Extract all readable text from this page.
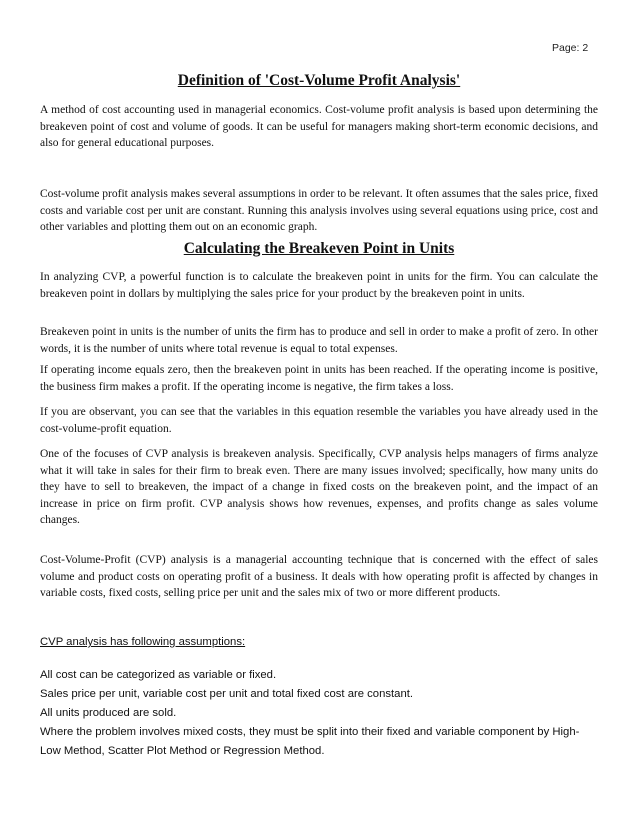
Page: 2
Definition of 'Cost-Volume Profit Analysis'

A method of cost accounting used in managerial economics. Cost-volume profit analysis is based upon determining the breakeven point of cost and volume of goods. It can be useful for managers making short-term economic decisions, and also for general educational purposes.

Cost-volume profit analysis makes several assumptions in order to be relevant. It often assumes that the sales price, fixed costs and variable cost per unit are constant. Running this analysis involves using several equations using price, cost and other variables and plotting them out on an economic graph.

Calculating the Breakeven Point in Units

In analyzing CVP, a powerful function is to calculate the breakeven point in units for the firm. You can calculate the breakeven point in dollars by multiplying the sales price for your product by the breakeven point in units.

Breakeven point in units is the number of units the firm has to produce and sell in order to make a profit of zero. In other words, it is the number of units where total revenue is equal to total expenses.

If operating income equals zero, then the breakeven point in units has been reached. If the operating income is positive, the business firm makes a profit. If the operating income is negative, the firm takes a loss.

If you are observant, you can see that the variables in this equation resemble the variables you have already used in the cost-volume-profit equation.

One of the focuses of CVP analysis is breakeven analysis. Specifically, CVP analysis helps managers of firms analyze what it will take in sales for their firm to break even. There are many issues involved; specifically, how many units do they have to sell to breakeven, the impact of a change in fixed costs on the breakeven point, and the impact of an increase in price on firm profit. CVP analysis shows how revenues, expenses, and profits change as sales volume changes.

Cost-Volume-Profit (CVP) analysis is a managerial accounting technique that is concerned with the effect of sales volume and product costs on operating profit of a business. It deals with how operating profit is affected by changes in variable costs, fixed costs, selling price per unit and the sales mix of two or more different products.

CVP analysis has following assumptions:
All cost can be categorized as variable or fixed.
Sales price per unit, variable cost per unit and total fixed cost are constant.
All units produced are sold.
Where the problem involves mixed costs, they must be split into their fixed and variable component by High-Low Method, Scatter Plot Method or Regression Method.
